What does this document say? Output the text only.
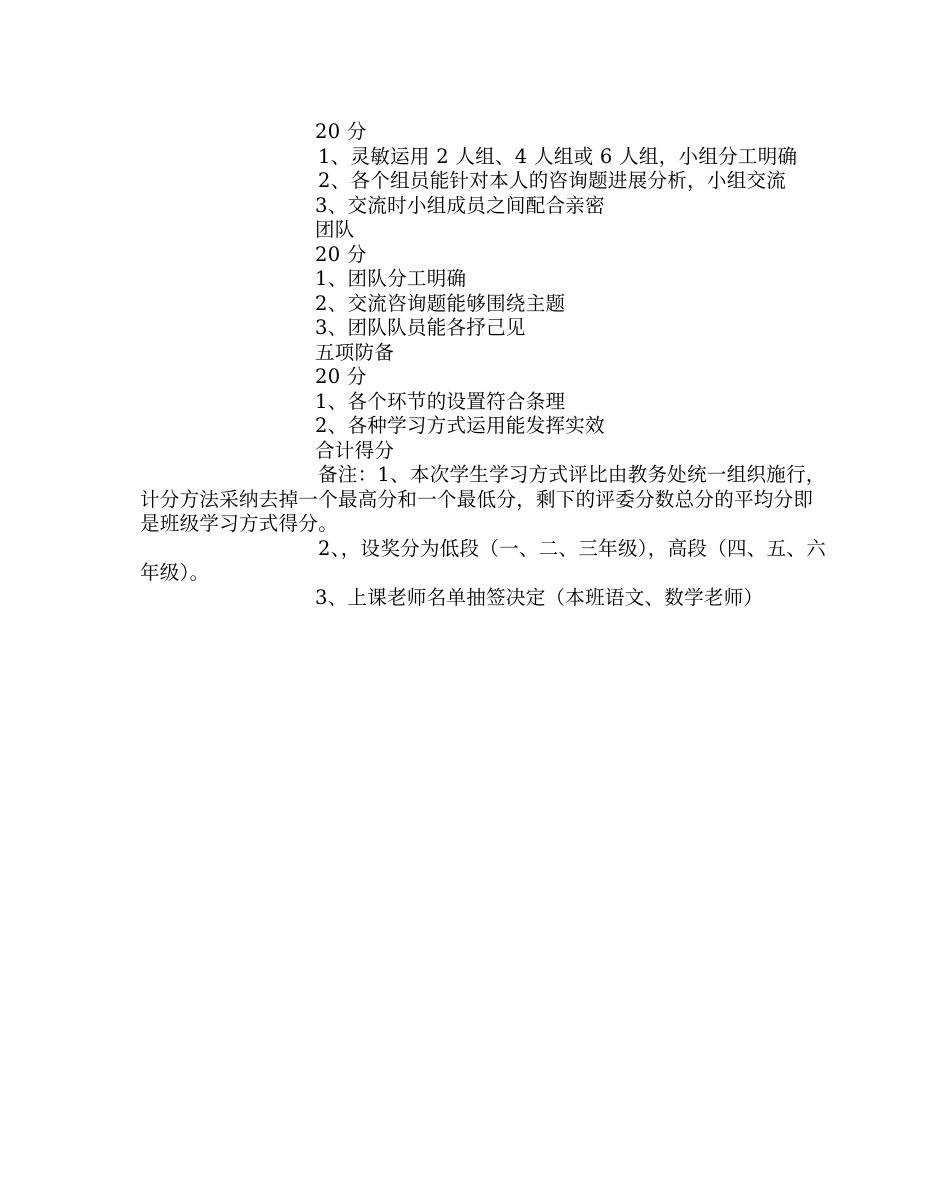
20 分

1、灵敏运用 2 人组、4 人组或 6 人组，小组分工明确

2、各个组员能针对本人的咨询题进展分析，小组交流

3、交流时小组成员之间配合亲密
团队
20 分
1、团队分工明确
2、交流咨询题能够围绕主题
3、团队队员能各抒己见
五项防备
20 分
1、各个环节的设置符合条理
2、各种学习方式运用能发挥实效
合计得分

备注：1、本次学生学习方式评比由教务处统一组织施行，计分方法采纳去掉一个最高分和一个最低分，剩下的评委分数总分的平均分即是班级学习方式得分。

2、，设奖分为低段（一、二、三年级），高段（四、五、六年级）。

3、上课老师名单抽签决定（本班语文、数学老师）
